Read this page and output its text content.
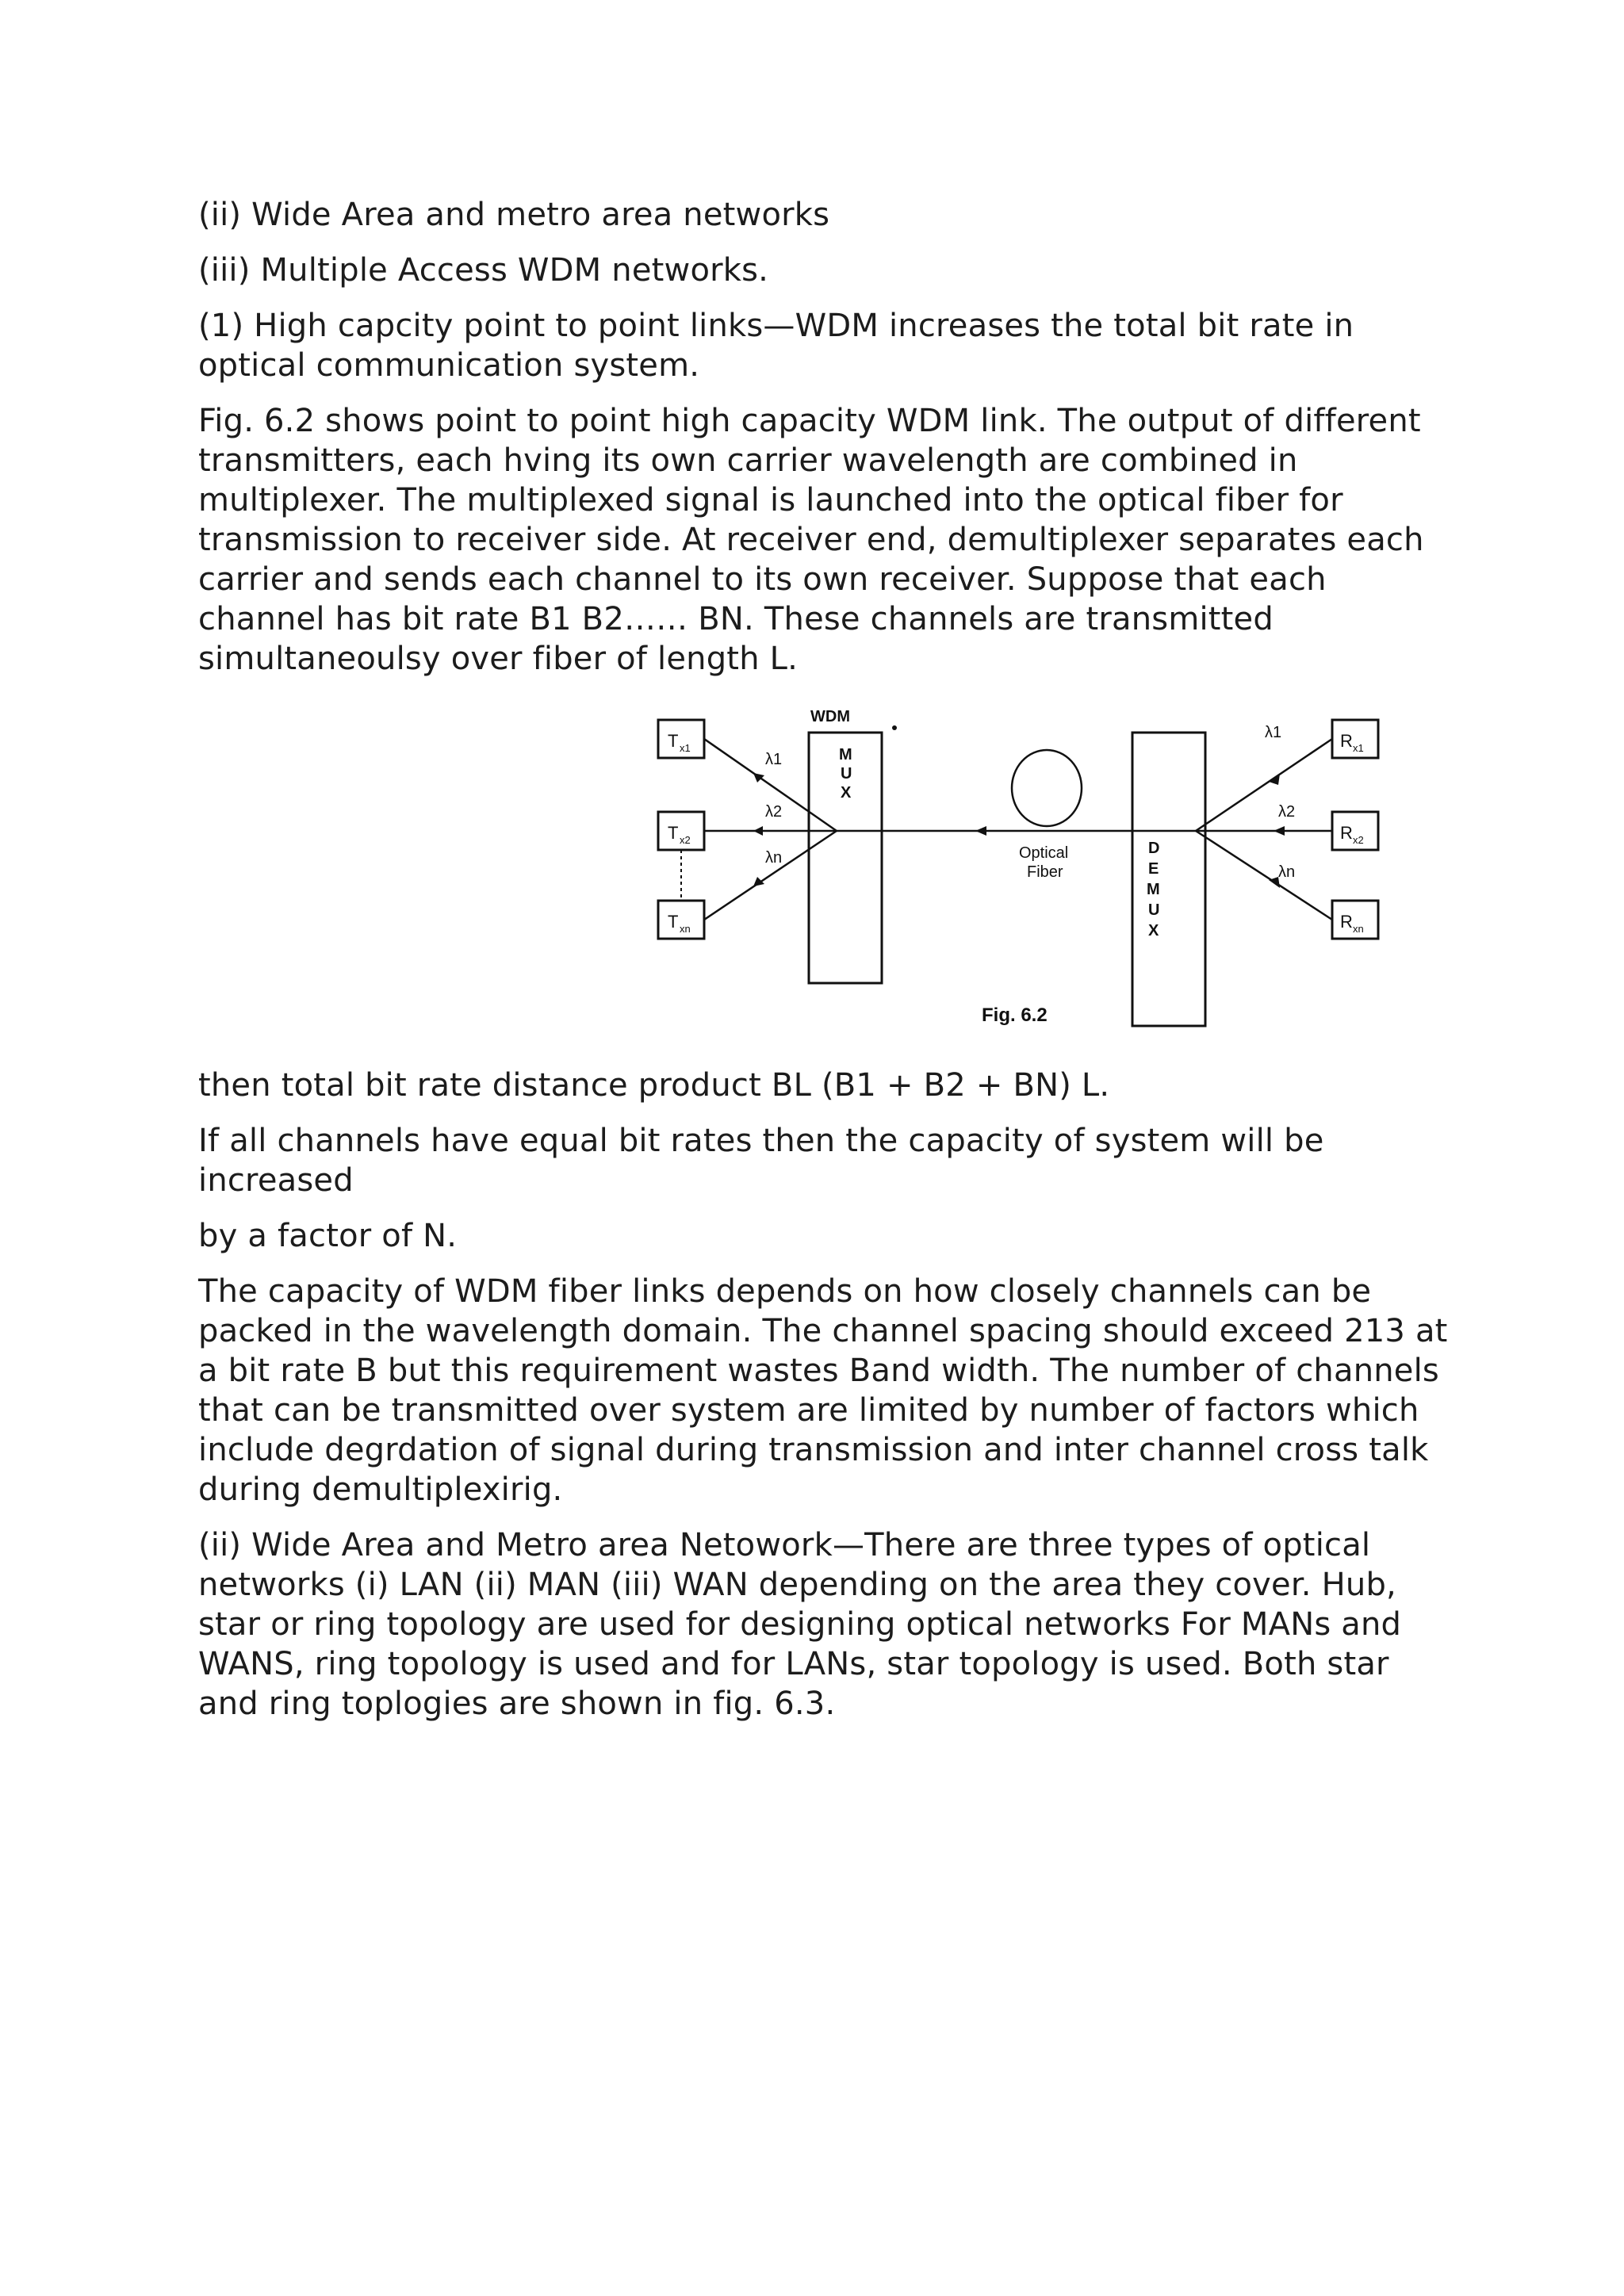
(ii) Wide Area and metro area networks

(iii) Multiple Access WDM networks.

(1) High capcity point to point links—WDM increases the total bit rate in optical communication system.

Fig. 6.2 shows point to point high capacity WDM link. The output of different transmitters, each hving its own carrier wavelength are combined in multiplexer. The multiplexed signal is launched into the optical fiber for transmission to receiver side. At receiver end, demultiplexer separates each carrier and sends each channel to its own receiver. Suppose that each channel has bit rate B1 B2…… BN. These channels are transmitted simultaneoulsy over fiber of length L.

T x1
T x2
T xn
λ1
λ2
λn
WDM
M
U
X
Optical
Fiber
D
E
M
U
X
λ1
λ2
λn
R x1
R x2
R xn
Fig. 6.2

then total bit rate distance product BL (B1 + B2 + BN) L.

If all channels have equal bit rates then the capacity of system will be increased

by a factor of N.

The capacity of WDM fiber links depends on how closely channels can be packed in the wavelength domain. The channel spacing should exceed 213 at a bit rate B but this requirement wastes Band width. The number of channels that can be transmitted over system are limited by number of factors which include degrdation of signal during transmission and inter channel cross talk during demultiplexirig.

(ii) Wide Area and Metro area Netowork—There are three types of optical networks (i) LAN (ii) MAN (iii) WAN depending on the area they cover. Hub, star or ring topology are used for designing optical networks For MANs and WANS, ring topology is used and for LANs, star topology is used. Both star and ring toplogies are shown in fig. 6.3.
